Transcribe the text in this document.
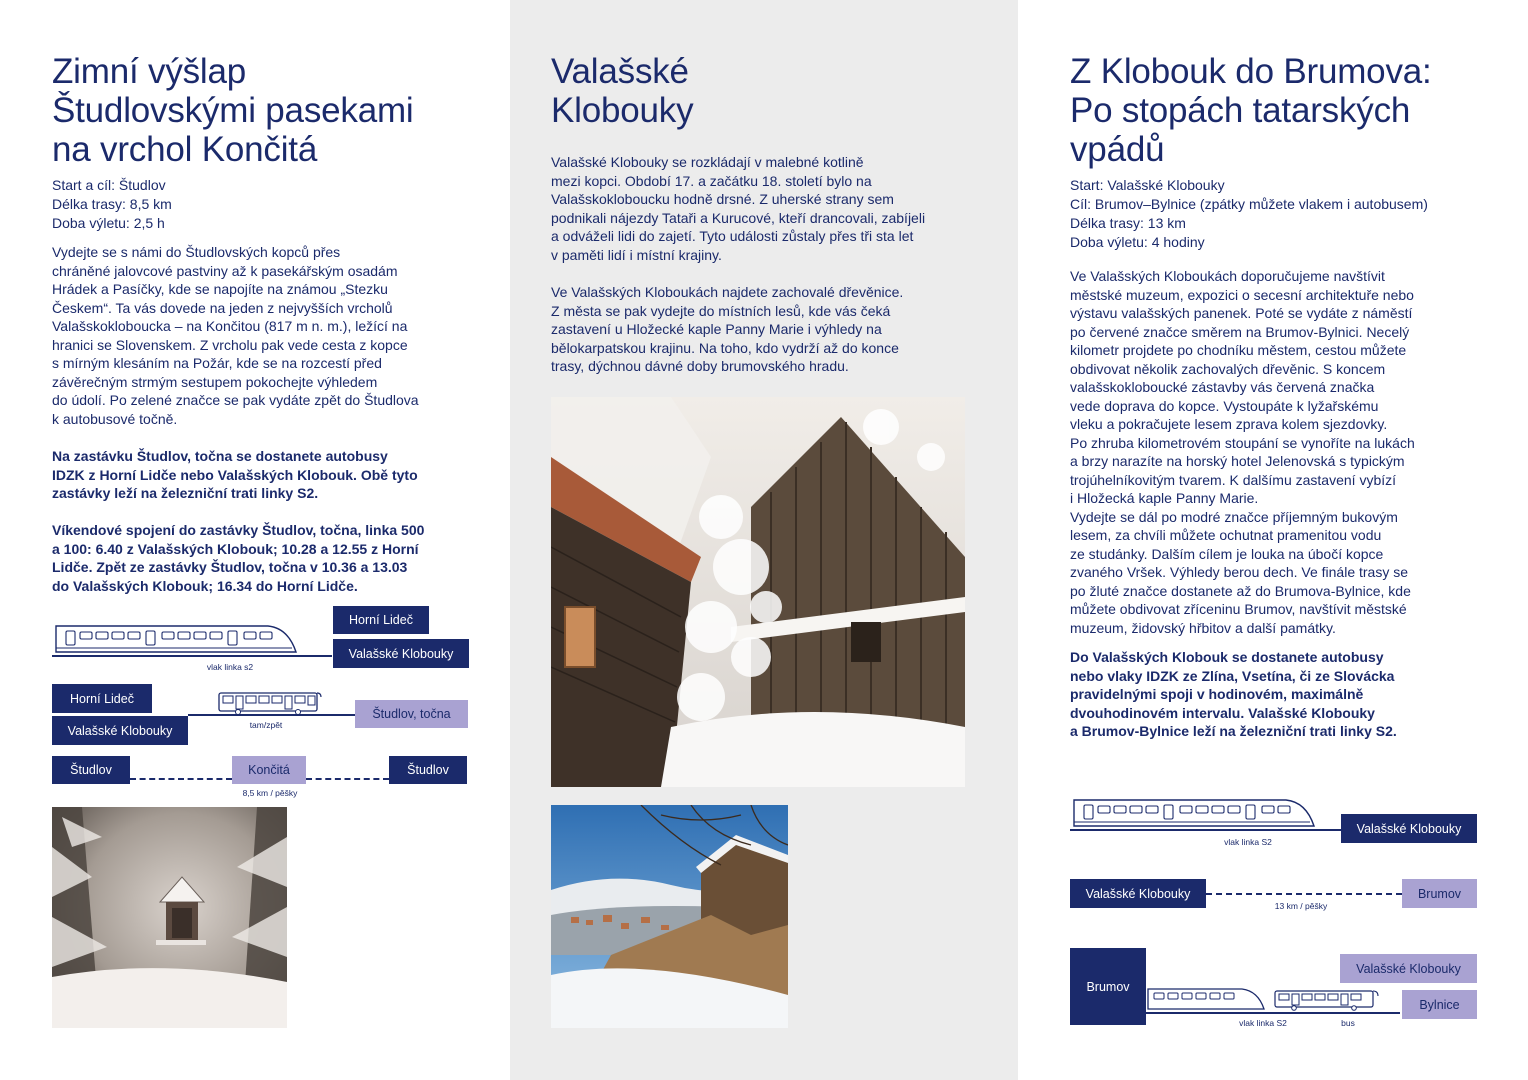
Zimní výšlap
Študlovskými pasekami
na vrchol Končitá
Start a cíl: Študlov
Délka trasy: 8,5 km
Doba výletu: 2,5 h
Vydejte se s námi do Študlovských kopců přes
chráněné jalovcové pastviny až k pasekářským osadám
Hrádek a Pasíčky, kde se napojíte na známou „Stezku
Českem“. Ta vás dovede na jeden z nejvyšších vrcholů
Valašskokloboucka – na Končitou (817 m n. m.), ležící na
hranici se Slovenskem. Z vrcholu pak vede cesta z kopce
s mírným klesáním na Požár, kde se na rozcestí před
závěrečným strmým sestupem pokochejte výhledem
do údolí. Po zelené značce se pak vydáte zpět do Študlova
k autobusové točně.
Na zastávku Študlov, točna se dostanete autobusy
IDZK z Horní Lidče nebo Valašských Klobouk. Obě tyto
zastávky leží na železniční trati linky S2.
Víkendové spojení do zastávky Študlov, točna, linka 500
a 100: 6.40 z Valašských Klobouk; 10.28 a 12.55 z Horní
Lidče. Zpět ze zastávky Študlov, točna v 10.36 a 13.03
do Valašských Klobouk; 16.34 do Horní Lidče.
Horní Lideč
Valašské Klobouky
vlak linka s2
Horní Lideč
Valašské Klobouky	tam/zpět
Študlov, točna
Študlov	Končitá	Študlov
8,5 km / pěšky
Valašské
Klobouky
Valašské Klobouky se rozkládají v malebné kotlině
mezi kopci. Období 17. a začátku 18. století bylo na
Valašskokloboucku hodně drsné. Z uherské strany sem
podnikali nájezdy Tataři a Kurucové, kteří drancovali, zabíjeli
a odváželi lidi do zajetí. Tyto události zůstaly přes tři sta let
v paměti lidí i místní krajiny.
Ve Valašských Kloboukách najdete zachovalé dřevěnice.
Z města se pak vydejte do místních lesů, kde vás čeká
zastavení u Hložecké kaple Panny Marie i výhledy na
bělokarpatskou krajinu. Na toho, kdo vydrží až do konce
trasy, dýchnou dávné doby brumovského hradu.
Z Klobouk do Brumova:
Po stopách tatarských
vpádů
Start: Valašské Klobouky
Cíl: Brumov–Bylnice (zpátky můžete vlakem i autobusem)
Délka trasy: 13 km
Doba výletu: 4 hodiny
Ve Valašských Kloboukách doporučujeme navštívit
městské muzeum, expozici o secesní architektuře nebo
výstavu valašských panenek. Poté se vydáte z náměstí
po červené značce směrem na Brumov-Bylnici. Necelý
kilometr projdete po chodníku městem, cestou můžete
obdivovat několik zachovalých dřevěnic. S koncem
valašskokloboucké zástavby vás červená značka
vede doprava do kopce. Vystoupáte k lyžařskému
vleku a pokračujete lesem zprava kolem sjezdovky.
Po zhruba kilometrovém stoupání se vynoříte na lukách
a brzy narazíte na horský hotel Jelenovská s typickým
trojúhelníkovitým tvarem. K dalšímu zastavení vybízí
i Hložecká kaple Panny Marie.
Vydejte se dál po modré značce příjemným bukovým
lesem, za chvíli můžete ochutnat pramenitou vodu
ze studánky. Dalším cílem je louka na úbočí kopce
zvaného Vršek. Výhledy berou dech. Ve finále trasy se
po žluté značce dostanete až do Brumova-Bylnice, kde
můžete obdivovat zříceninu Brumov, navštívit městské
muzeum, židovský hřbitov a další památky.
Do Valašských Klobouk se dostanete autobusy
nebo vlaky IDZK ze Zlína, Vsetína, či ze Slovácka
pravidelnými spoji v hodinovém, maximálně
dvouhodinovém intervalu. Valašské Klobouky
a Brumov-Bylnice leží na železniční trati linky S2.
Valašské Klobouky
vlak linka S2
Valašské Klobouky	Brumov
13 km / pěšky
Brumov
Valašské Klobouky
Bylnice
vlak linka S2	bus
